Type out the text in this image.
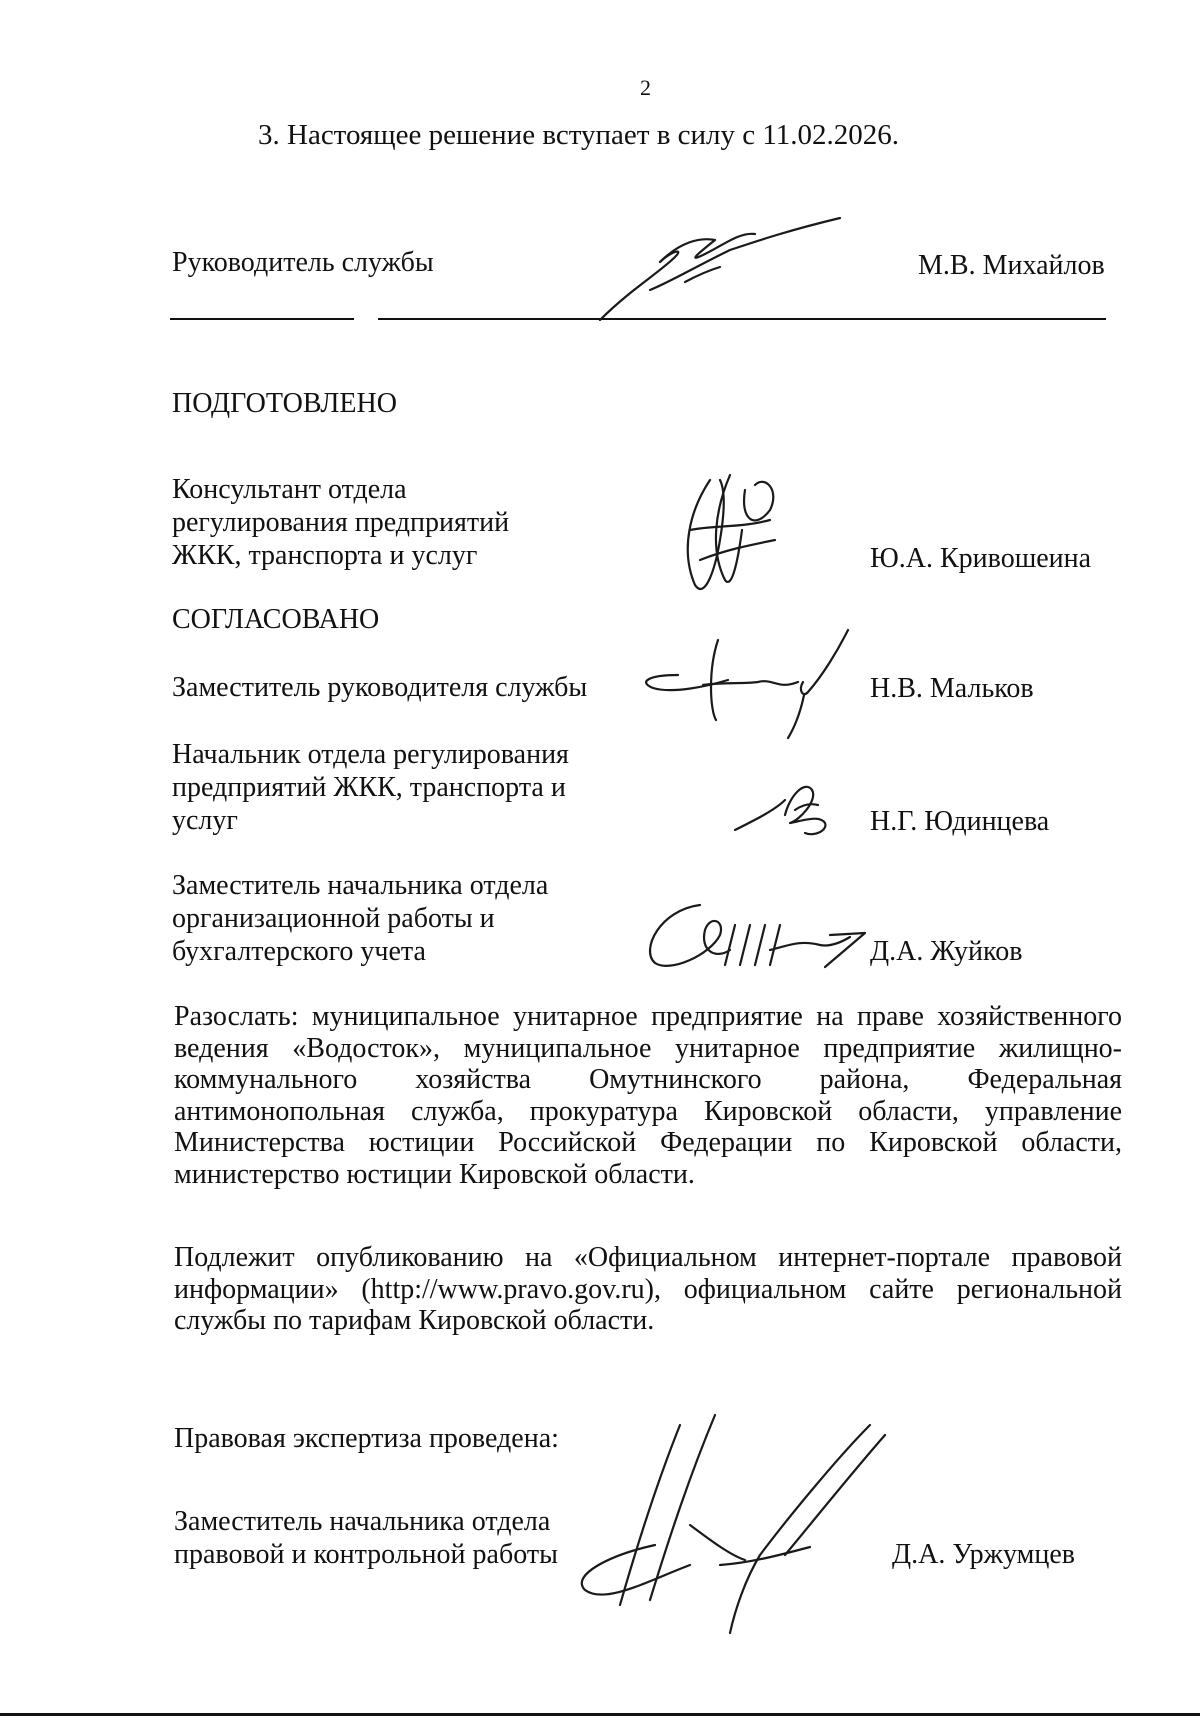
2
3. Настоящее решение вступает в силу с 11.02.2026.
Руководитель службы	М.В. Михайлов
ПОДГОТОВЛЕНО
Консультант отдела
регулирования предприятий
ЖКК, транспорта и услуг	Ю.А. Кривошеина
СОГЛАСОВАНО
Заместитель руководителя службы	Н.В. Мальков
Начальник отдела регулирования
предприятий ЖКК, транспорта и
услуг	Н.Г. Юдинцева
Заместитель начальника отдела
организационной работы и
бухгалтерского учета	Д.А. Жуйков
Разослать: муниципальное унитарное предприятие на праве хозяйственного ведения «Водосток», муниципальное унитарное предприятие жилищно-коммунального хозяйства Омутнинского района, Федеральная антимонопольная служба, прокуратура Кировской области, управление Министерства юстиции Российской Федерации по Кировской области, министерство юстиции Кировской области.
Подлежит опубликованию на «Официальном интернет-портале правовой информации» (http://www.pravo.gov.ru), официальном сайте региональной службы по тарифам Кировской области.
Правовая экспертиза проведена:
Заместитель начальника отдела
правовой и контрольной работы	Д.А. Уржумцев
